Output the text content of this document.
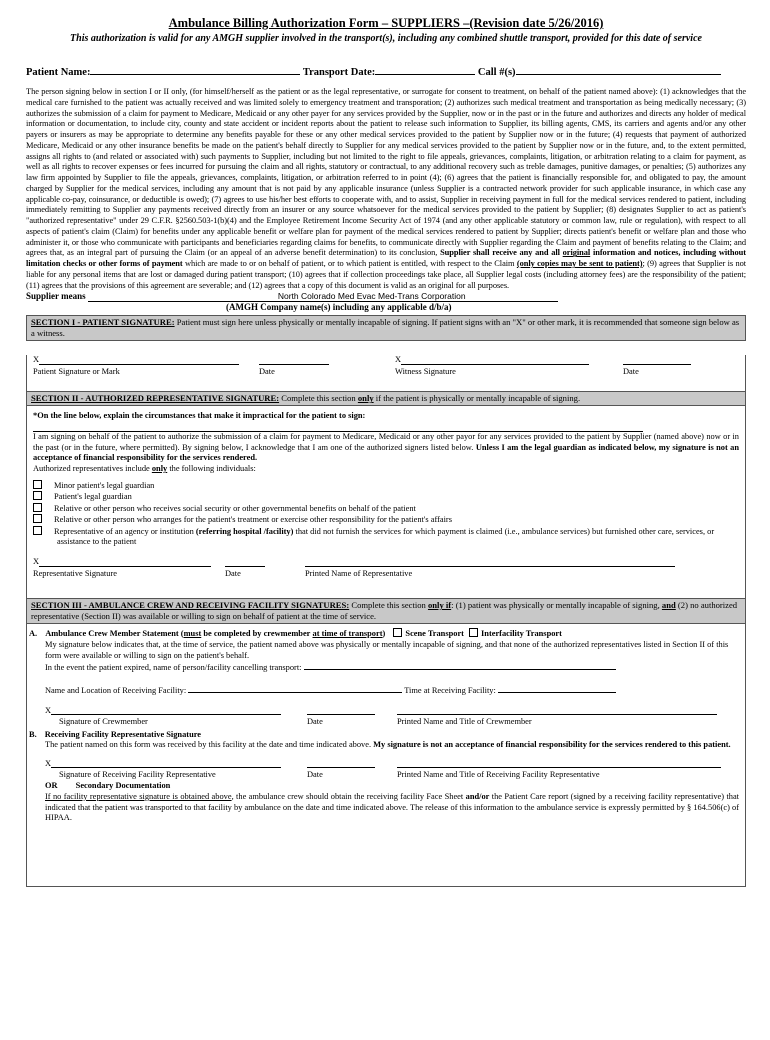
Ambulance Billing Authorization Form – SUPPLIERS –(Revision date 5/26/2016)
This authorization is valid for any AMGH supplier involved in the transport(s), including any combined shuttle transport, provided for this date of service
Patient Name:	Transport Date:	Call #(s)
The person signing below in section I or II only, (for himself/herself as the patient or as the legal representative, or surrogate for consent to treatment, on behalf of the patient named above): (1) acknowledges that the medical care furnished to the patient was actually received and was limited solely to emergency treatment and transporation; (2) authorizes such medical treatment and transportation as being medically necessary; (3) authorizes the submission of a claim for payment to Medicare, Medicaid or any other payer for any services provided by the Supplier, now or in the past or in the future and authorizes and directs any holder of medical information or documentation, to include city, county and state accident or incident reports about the patient to release such information to Supplier, its billing agents, CMS, its carriers and agents and/or any other payers or insurers as may be appropriate to determine any benefits payable for these or any other medical services provided to the patient by Supplier now or in the future; (4) requests that payment of authorized Medicare, Medicaid or any other insurance benefits be made on the patient's behalf directly to Supplier for any medical services provided to the patient by Supplier now or in the future, and, to the extent permitted, assigns all rights to (and related or associated with) such payments to Supplier, including but not limited to the right to file appeals, grievances, complaints, litigation, or arbitration relating to a claim for payment, as well as all rights to recover expenses or fees incurred for pursuing the claim and all rights, statutory or contractual, to any additional recovery such as treble damages, punitive damages, or penalties; (5) authorizes any law firm appointed by Supplier to file the appeals, grievances, complaints, litigation, or arbitration referred to in point (4); (6) agrees that the patient is financially responsible for, and obligated to pay, the amount charged by Supplier for the medical services, including any amount that is not paid by any applicable insurance (unless Supplier is a contracted network provider for such applicable insurance, in which case any applicable co-pay, coinsurance, or deductible is owed); (7) agrees to use his/her best efforts to cooperate with, and to assist, Supplier in receiving payment in full for the medical services rendered to patient, including immediately remitting to Supplier any payments received directly from an insurer or any source whatsoever for the medical services provided to the patient by Supplier; (8) designates Supplier to act as patient's "authorized representative" under 29 C.F.R. §2560.503-1(b)(4) and the Employee Retirement Income Security Act of 1974 (and any other applicable statutory or common law, rule or regulation), with respect to all aspects of patient's claim (Claim) for benefits under any applicable benefit or welfare plan for payment of the medical services rendered to patient by Supplier; directs patient's benefit or welfare plan and those who administer it, or those who communicate with participants and beneficiaries regarding claims for benefits, to communicate directly with Supplier regarding the Claim and payment of benefits relating to the Claim; and agrees that, as an integral part of pursuing the Claim (or an appeal of an adverse benefit determination) to its conclusion, Supplier shall receive any and all original information and notices, including without limitation checks or other forms of payment which are made to or on behalf of patient, or to which patient is entitled, with respect to the Claim (only copies may be sent to patient); (9) agrees that Supplier is not liable for any personal items that are lost or damaged during patient transport; (10) agrees that if collection proceedings take place, all Supplier legal costs (including attorney fees) are the responsibility of the patient; (11) agrees that the provisions of this agreement are severable; and (12) agrees that a copy of this document is valid as an original for all purposes.
Supplier means	North Colorado Med Evac Med-Trans Corporation
(AMGH Company name(s) including any applicable d/b/a)
SECTION I - PATIENT SIGNATURE: Patient must sign here unless physically or mentally incapable of signing. If patient signs with an "X" or other mark, it is recommended that someone sign below as a witness.
X	X
Patient Signature or Mark	Date	Witness Signature	Date
SECTION II - AUTHORIZED REPRESENTATIVE SIGNATURE: Complete this section only if the patient is physically or mentally incapable of signing.
*On the line below, explain the circumstances that make it impractical for the patient to sign:
I am signing on behalf of the patient to authorize the submission of a claim for payment to Medicare, Medicaid or any other payor for any services provided to the patient by Supplier (named above) now or in the past (or in the future, where permitted). By signing below, I acknowledge that I am one of the authorized signers listed below. Unless I am the legal guardian as indicated below, my signature is not an acceptance of financial responsibility for the services rendered.
Authorized representatives include only the following individuals:
Minor patient's legal guardian
Patient's legal guardian
Relative or other person who receives social security or other governmental benefits on behalf of the patient
Relative or other person who arranges for the patient's treatment or exercise other responsibility for the patient's affairs
Representative of an agency or institution (referring hospital /facility) that did not furnish the services for which payment is claimed (i.e., ambulance services) but furnished other care, services, or assistance to the patient
X
Representative Signature	Date	Printed Name of Representative
SECTION III - AMBULANCE CREW AND RECEIVING FACILITY SIGNATURES: Complete this section only if: (1) patient was physically or mentally incapable of signing, and (2) no authorized representative (Section II) was available or willing to sign on behalf of patient at the time of service.
A. Ambulance Crew Member Statement (must be completed by crewmember at time of transport) Scene Transport Interfacility Transport
My signature below indicates that, at the time of service, the patient named above was physically or mentally incapable of signing, and that none of the authorized representatives listed in Section II of this form were available or willing to sign on the patient's behalf.
In the event the patient expired, name of person/facility cancelling transport:
Name and Location of Receiving Facility:	Time at Receiving Facility:
X
Signature of Crewmember	Date	Printed Name and Title of Crewmember
B. Receiving Facility Representative Signature
The patient named on this form was received by this facility at the date and time indicated above. My signature is not an acceptance of financial responsibility for the services rendered to this patient.
X
Signature of Receiving Facility Representative	Date	Printed Name and Title of Receiving Facility Representative
OR Secondary Documentation
If no facility representative signature is obtained above, the ambulance crew should obtain the receiving facility Face Sheet and/or the Patient Care report (signed by a receiving facility representative) that indicated that the patient was transported to that facility by ambulance on the date and time indicated above. The release of this information to the ambulance service is expressly permitted by § 164.506(c) of HIPAA.
